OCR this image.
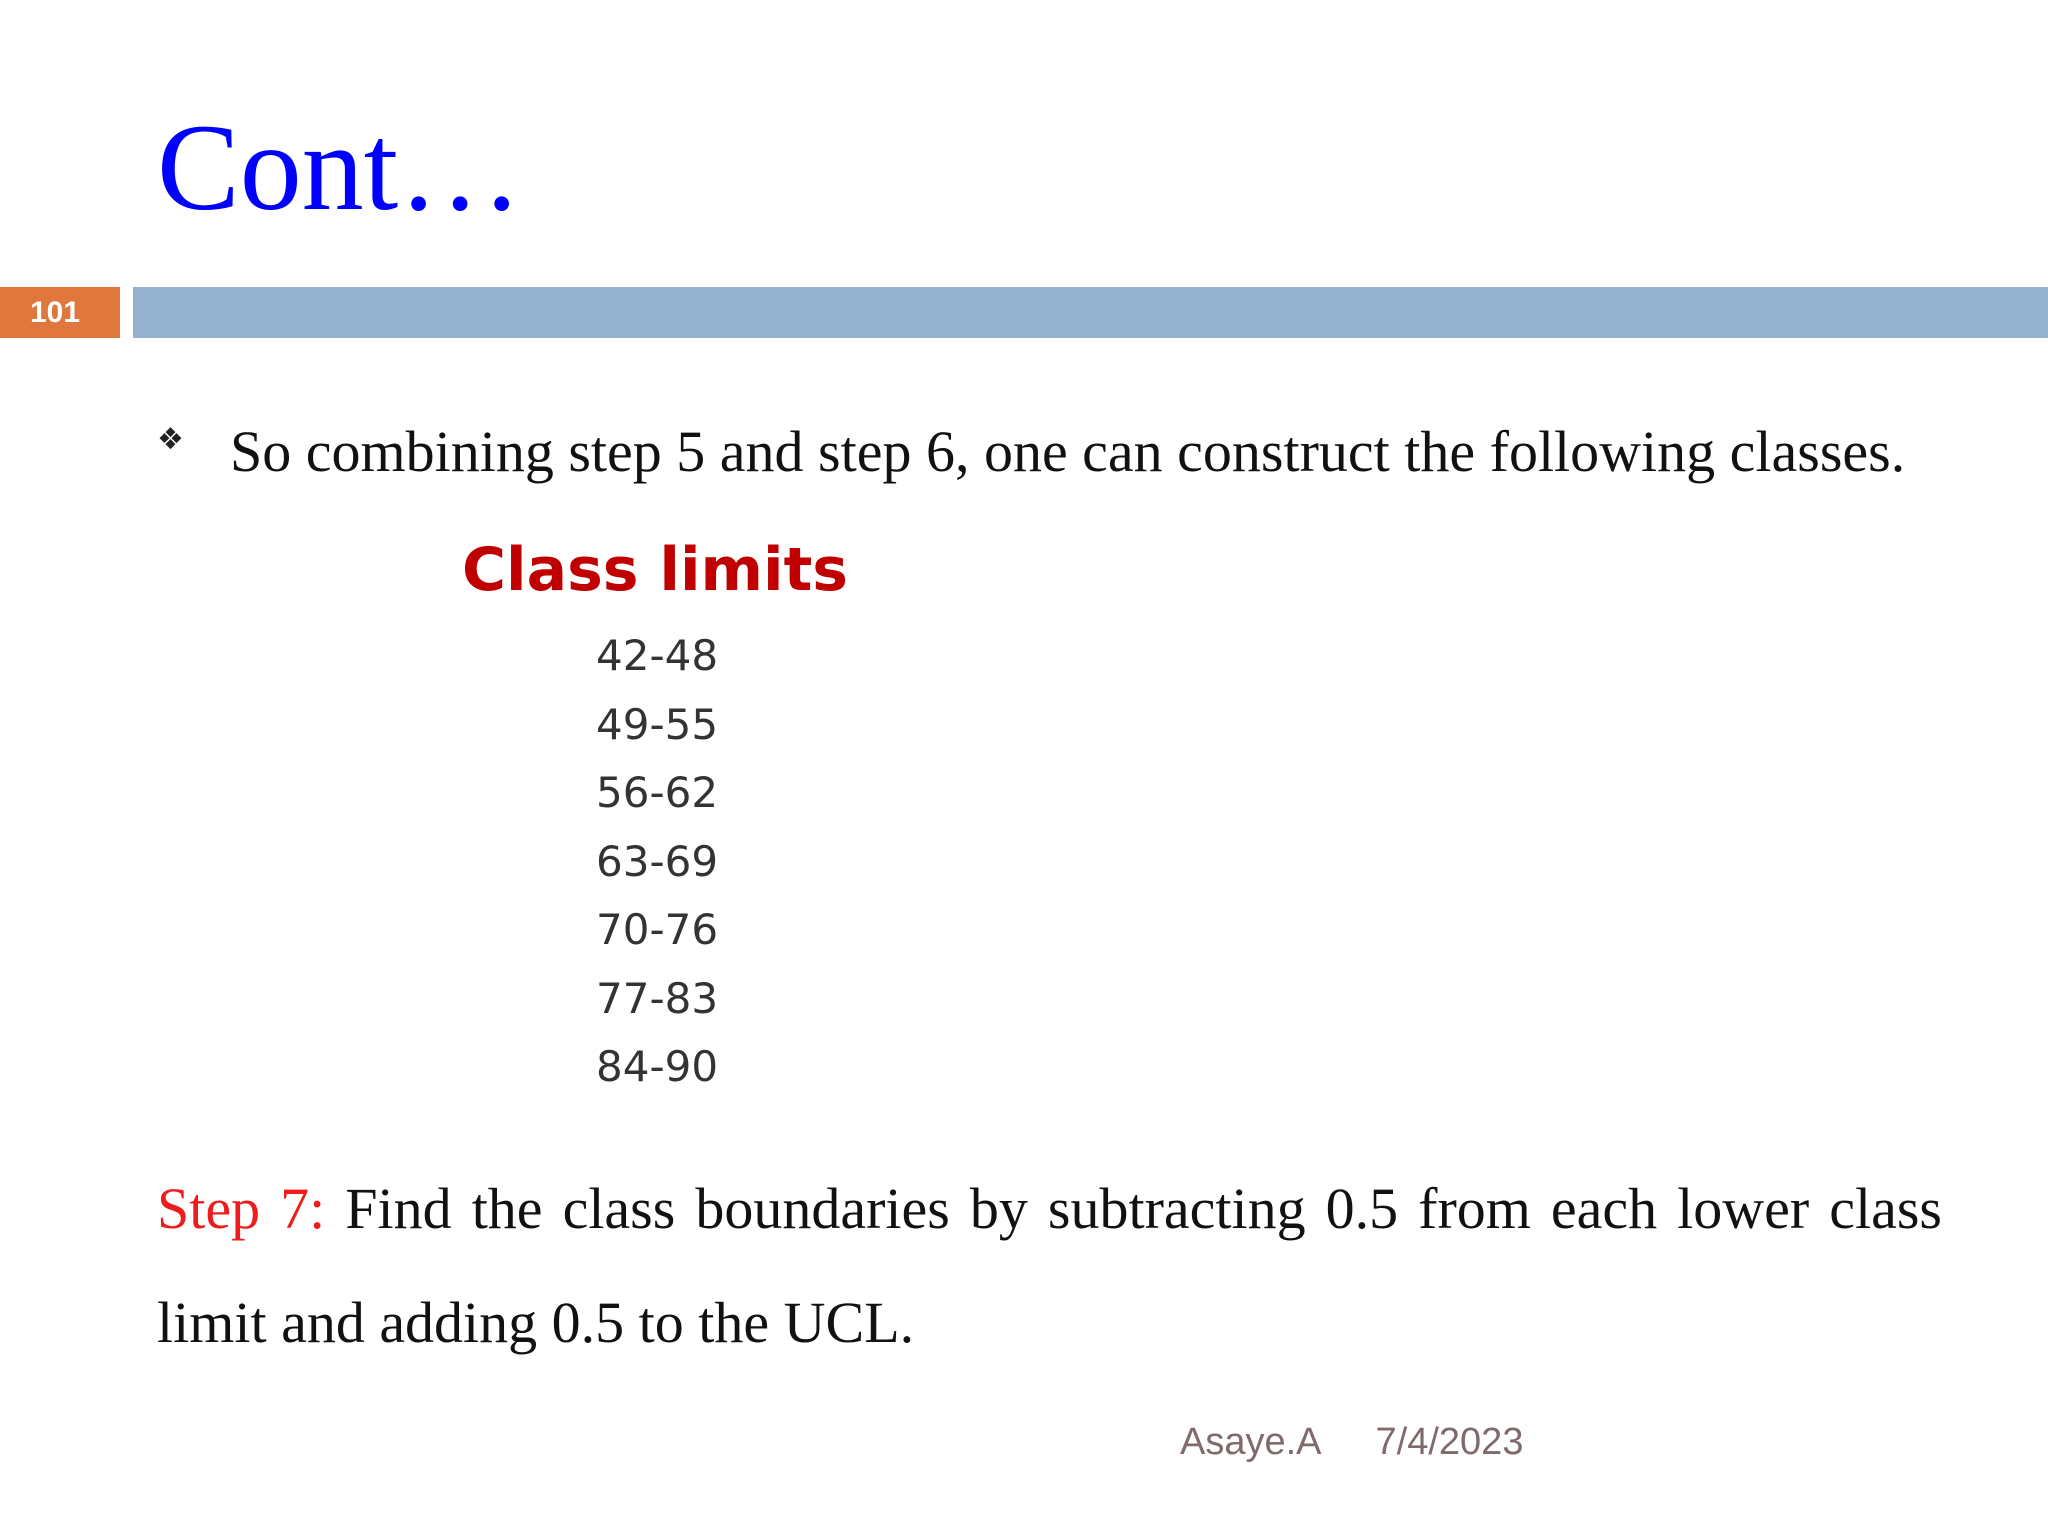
Cont…
101
❖ So combining step 5 and step 6, one can construct the following classes.

Class limits

42-48
49-55
56-62
63-69
70-76
77-83
84-90

Step 7: Find the class boundaries by subtracting 0.5 from each lower class limit and adding 0.5 to the UCL.

Asaye.A 7/4/2023
